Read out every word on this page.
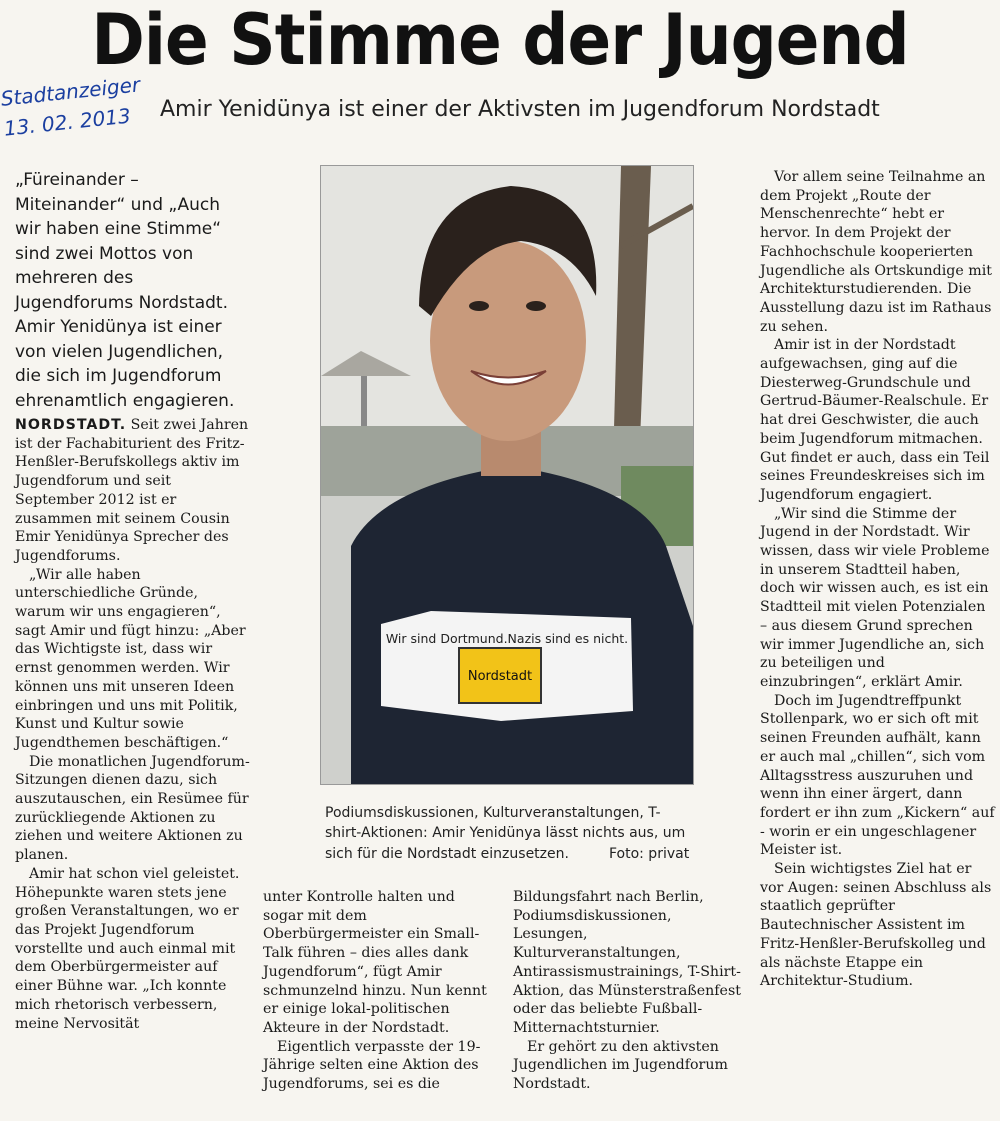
Die Stimme der Jugend
Stadtanzeiger
13. 02. 2013	Amir Yenidünya ist einer der Aktivsten im Jugendforum Nordstadt
„Füreinander – Miteinander“ und „Auch wir haben eine Stimme“ sind zwei Mottos von mehreren des Jugendforums Nordstadt. Amir Yenidünya ist einer von vielen Jugendlichen, die sich im Jugendforum ehrenamtlich engagieren.

NORDSTADT. Seit zwei Jahren ist der Fachabiturient des Fritz-Henßler-Berufskollegs aktiv im Jugendforum und seit September 2012 ist er zusammen mit seinem Cousin Emir Yenidünya Sprecher des Jugendforums.

„Wir alle haben unterschiedliche Gründe, warum wir uns engagieren“, sagt Amir und fügt hinzu: „Aber das Wichtigste ist, dass wir ernst genommen werden. Wir können uns mit unseren Ideen einbringen und uns mit Politik, Kunst und Kultur sowie Jugendthemen beschäftigen.“

Die monatlichen Jugendforum-Sitzungen dienen dazu, sich auszutauschen, ein Resümee für zurückliegende Aktionen zu ziehen und weitere Aktionen zu planen.

Amir hat schon viel geleistet. Höhepunkte waren stets jene großen Veranstaltungen, wo er das Projekt Jugendforum vorstellte und auch einmal mit dem Oberbürgermeister auf einer Bühne war. „Ich konnte mich rhetorisch verbessern, meine Nervosität

Wir sind Dortmund.Nazis sind es nicht.
Nordstadt
Podiumsdiskussionen, Kulturveranstaltungen, T-shirt-Aktionen: Amir Yenidünya lässt nichts aus, um sich für die Nordstadt einzusetzen.	Foto: privat

unter Kontrolle halten und sogar mit dem Oberbürgermeister ein Small-Talk führen – dies alles dank Jugendforum“, fügt Amir schmunzelnd hinzu. Nun kennt er einige lokal-politischen Akteure in der Nordstadt.

Eigentlich verpasste der 19-Jährige selten eine Aktion des Jugendforums, sei es die

Bildungsfahrt nach Berlin, Podiumsdiskussionen, Lesungen, Kulturveranstaltungen, Antirassismustrainings, T-Shirt-Aktion, das Münsterstraßenfest oder das beliebte Fußball-Mitternachtsturnier.

Er gehört zu den aktivsten Jugendlichen im Jugendforum Nordstadt.

Vor allem seine Teilnahme an dem Projekt „Route der Menschenrechte“ hebt er hervor. In dem Projekt der Fachhochschule kooperierten Jugendliche als Ortskundige mit Architekturstudierenden. Die Ausstellung dazu ist im Rathaus zu sehen.

Amir ist in der Nordstadt aufgewachsen, ging auf die Diesterweg-Grundschule und Gertrud-Bäumer-Realschule. Er hat drei Geschwister, die auch beim Jugendforum mitmachen. Gut findet er auch, dass ein Teil seines Freundeskreises sich im Jugendforum engagiert.

„Wir sind die Stimme der Jugend in der Nordstadt. Wir wissen, dass wir viele Probleme in unserem Stadtteil haben, doch wir wissen auch, es ist ein Stadtteil mit vielen Potenzialen – aus diesem Grund sprechen wir immer Jugendliche an, sich zu beteiligen und einzubringen“, erklärt Amir.

Doch im Jugendtreffpunkt Stollenpark, wo er sich oft mit seinen Freunden aufhält, kann er auch mal „chillen“, sich vom Alltagsstress auszuruhen und wenn ihn einer ärgert, dann fordert er ihn zum „Kickern“ auf - worin er ein ungeschlagener Meister ist.

Sein wichtigstes Ziel hat er vor Augen: seinen Abschluss als staatlich geprüfter Bautechnischer Assistent im Fritz-Henßler-Berufskolleg und als nächste Etappe ein Architektur-Studium.
